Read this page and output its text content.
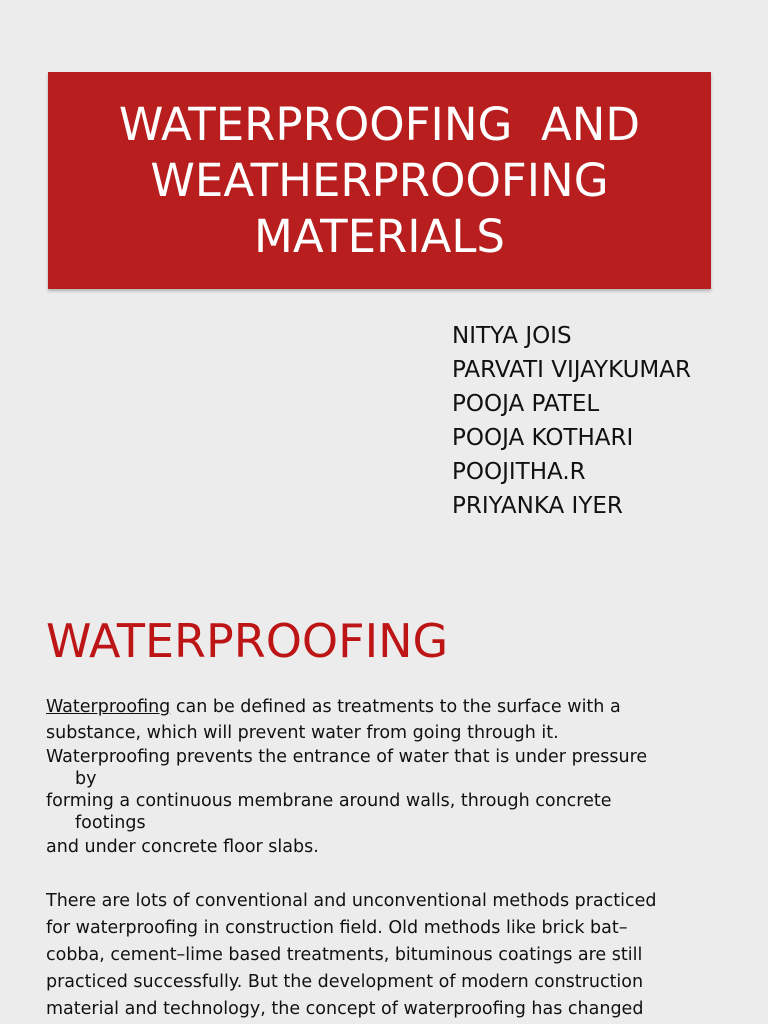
WATERPROOFING  AND
WEATHERPROOFING
MATERIALS
NITYA JOIS
PARVATI VIJAYKUMAR
POOJA PATEL
POOJA KOTHARI
POOJITHA.R
PRIYANKA IYER
WATERPROOFING
Waterproofing can be defined as treatments to the surface with a
substance, which will prevent water from going through it.
Waterproofing prevents the entrance of water that is under pressure
by
forming a continuous membrane around walls, through concrete
footings
and under concrete floor slabs.
There are lots of conventional and unconventional methods practiced
for waterproofing in construction field. Old methods like brick bat–
cobba, cement–lime based treatments, bituminous coatings are still
practiced successfully. But the development of modern construction
material and technology, the concept of waterproofing has changed
